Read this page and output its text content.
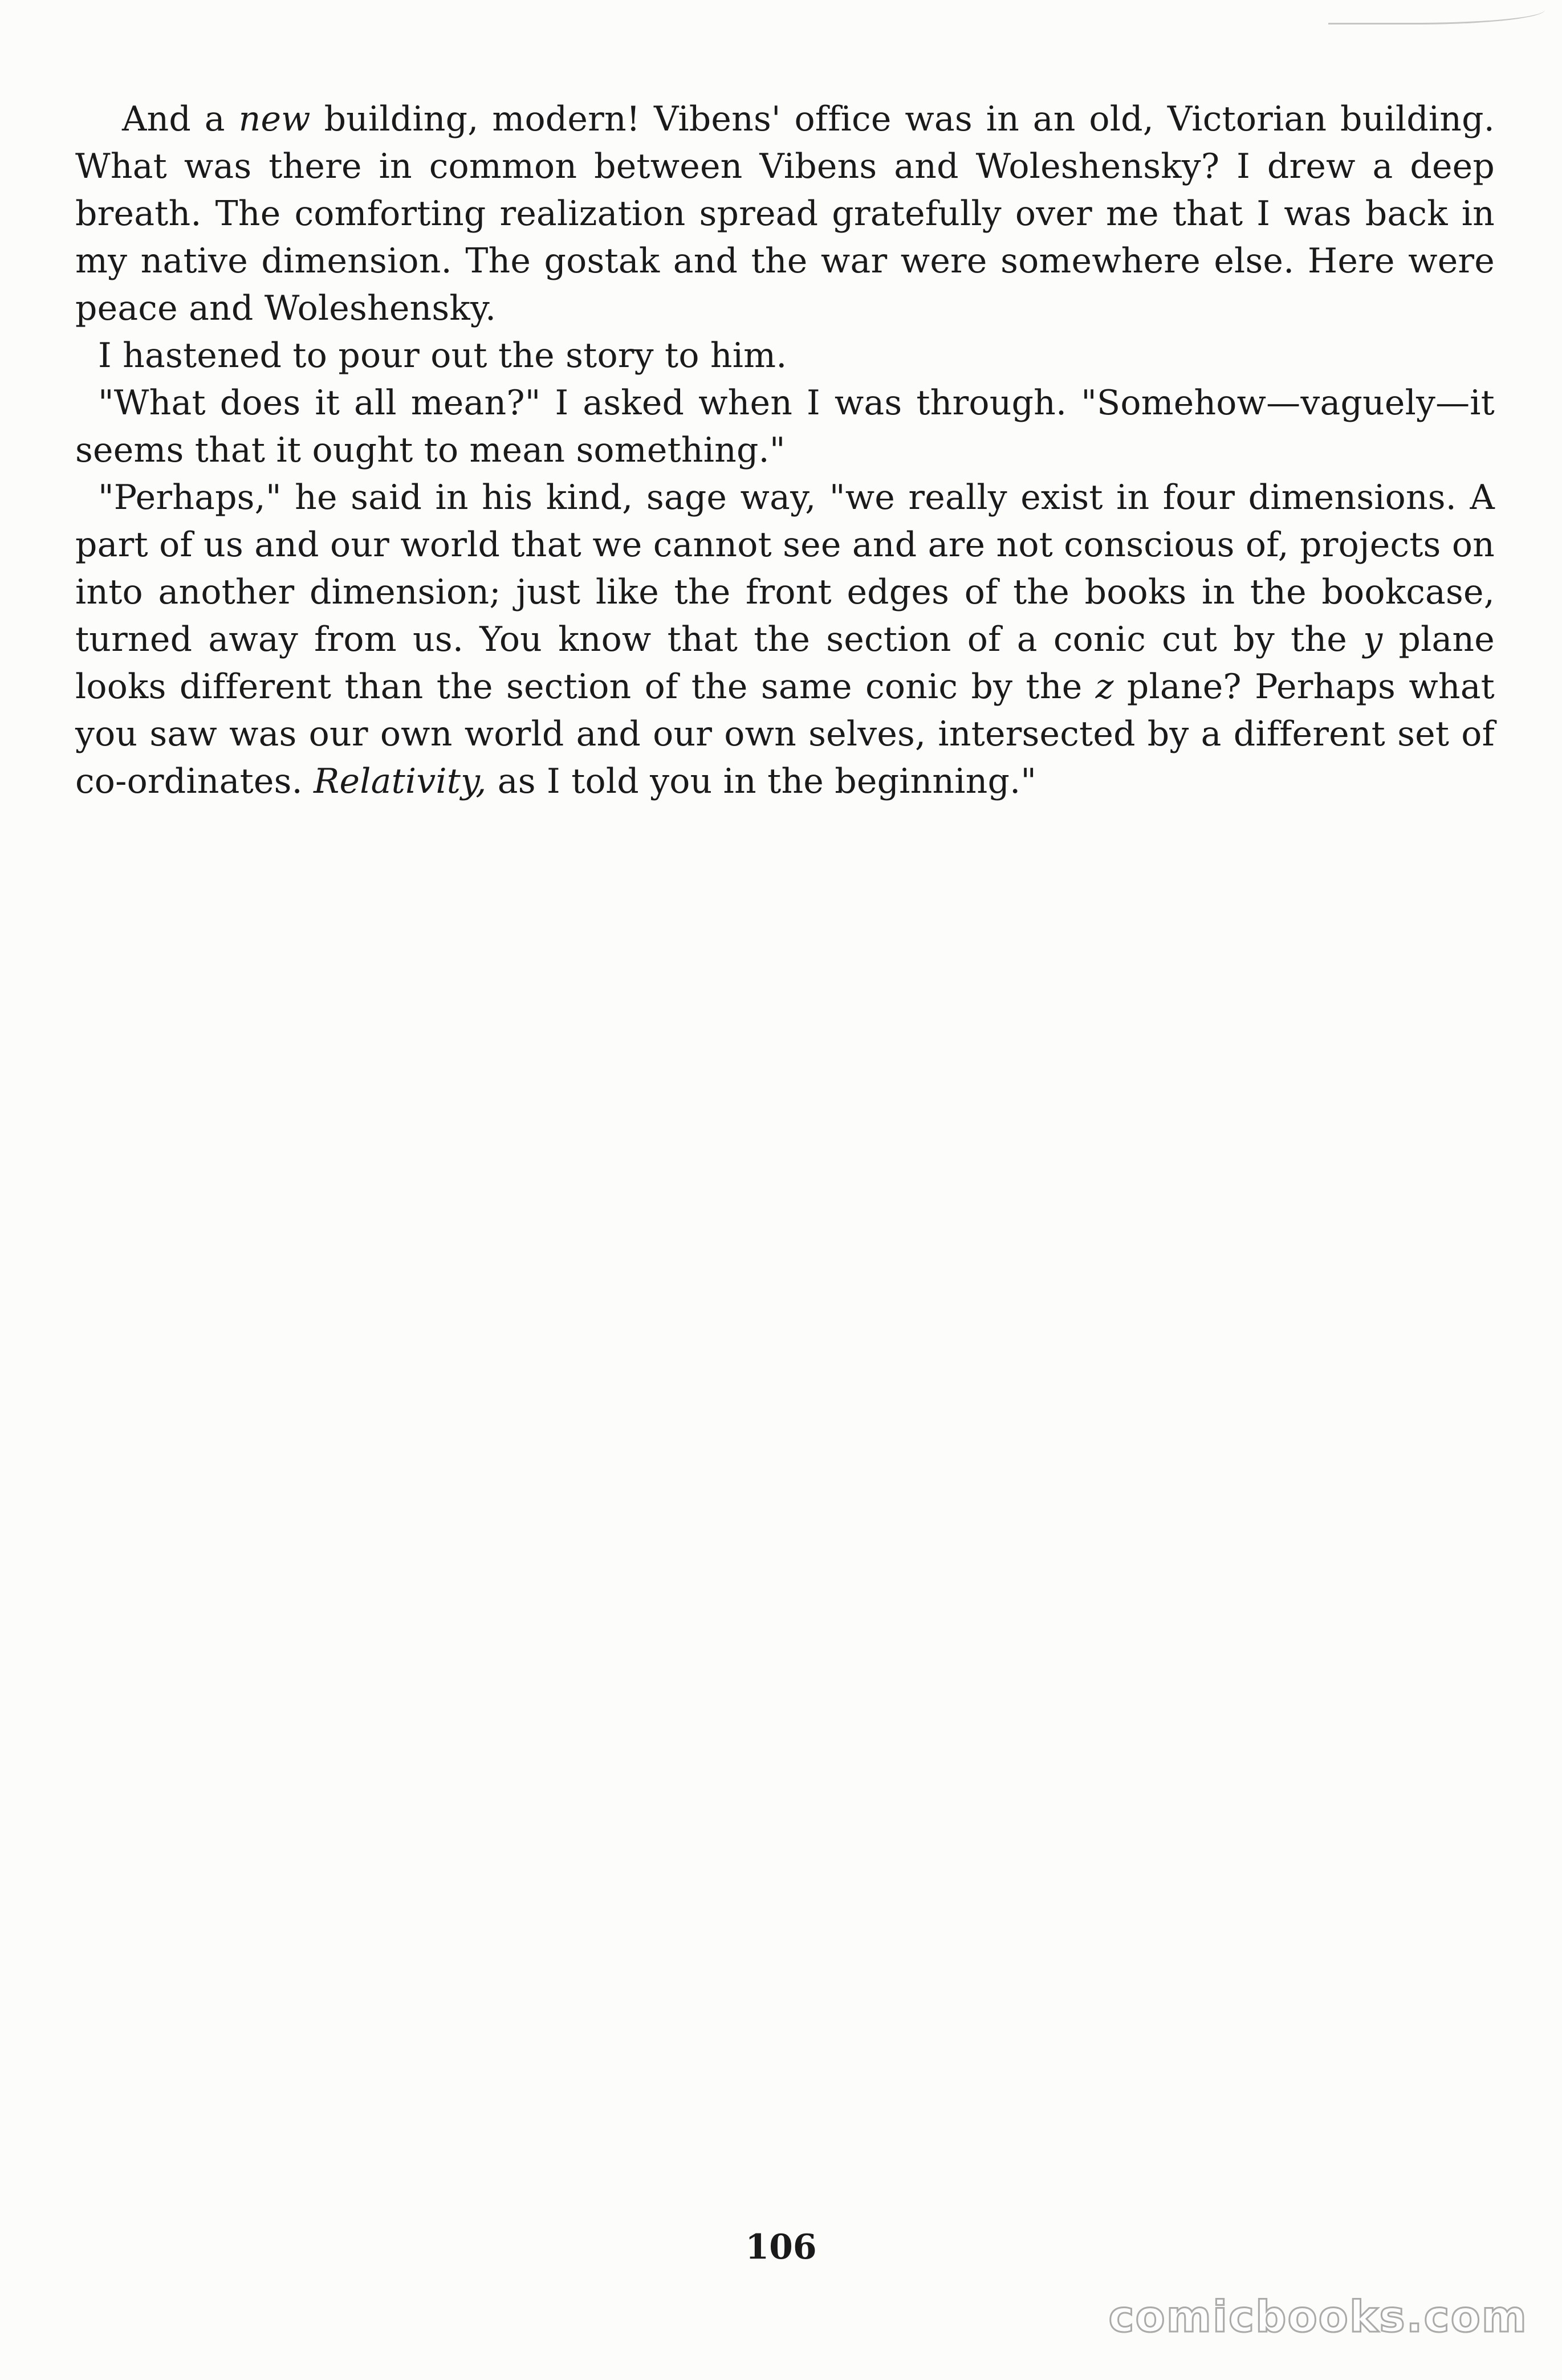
And a new building, modern! Vibens' office was in an old, Victorian building. What was there in common between Vibens and Woleshensky? I drew a deep breath. The comforting realization spread gratefully over me that I was back in my native dimension. The gostak and the war were somewhere else. Here were peace and Woleshensky.

I hastened to pour out the story to him.

"What does it all mean?" I asked when I was through. "Somehow—vaguely—it seems that it ought to mean something."

"Perhaps," he said in his kind, sage way, "we really exist in four dimensions. A part of us and our world that we cannot see and are not conscious of, projects on into another dimension; just like the front edges of the books in the bookcase, turned away from us. You know that the section of a conic cut by the y plane looks different than the section of the same conic by the z plane? Perhaps what you saw was our own world and our own selves, intersected by a different set of co-ordinates. Relativity, as I told you in the beginning."

106
comicbooks.com
